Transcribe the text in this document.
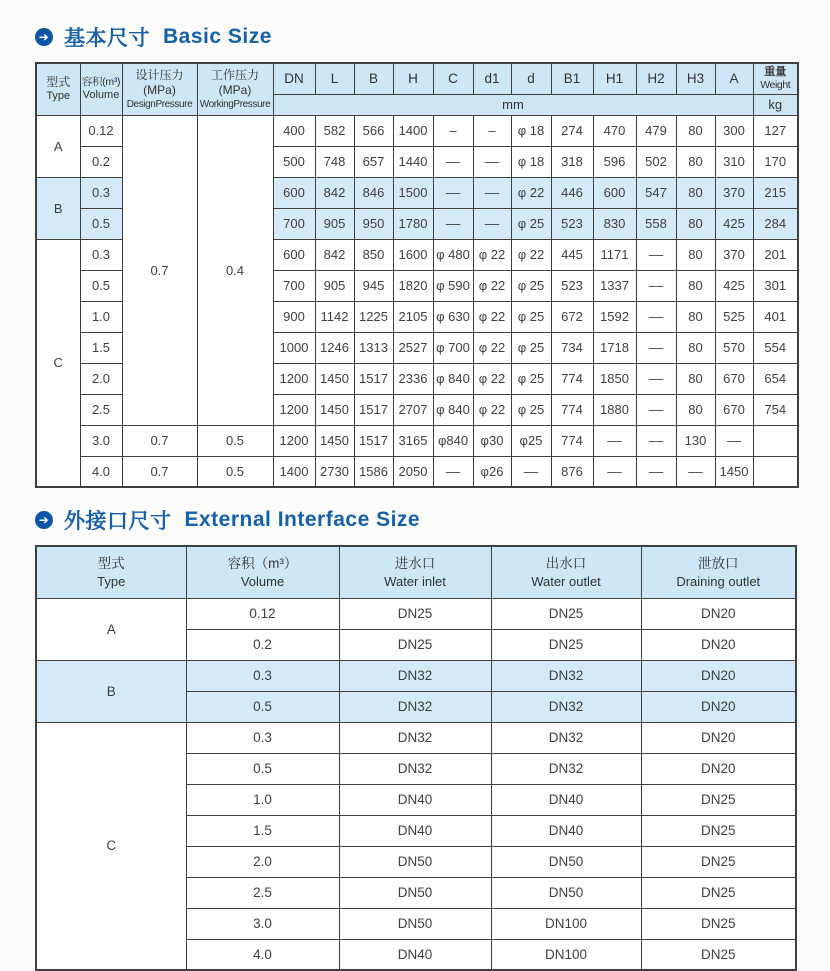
➜ 基本尺寸 Basic Size
型式
Type	容积(m³)
Volume	设计压力(MPa)
DesignPressure	工作压力(MPa)
WorkingPressure	DN	L	B	H	C	d1	d	B1	H1	H2	H3	A	重量
Weight

				mm												kg
A	0.12	0.7	0.4	400	582	566	1400	–	–	φ 18	274	470	479	80	300	127
	0.2			500	748	657	1440	––	––	φ 18	318	596	502	80	310	170
B	0.3			600	842	846	1500	––	––	φ 22	446	600	547	80	370	215
	0.5			700	905	950	1780	––	––	φ 25	523	830	558	80	425	284
C	0.3			600	842	850	1600	φ 480	φ 22	φ 22	445	1171	––	80	370	201
	0.5			700	905	945	1820	φ 590	φ 22	φ 25	523	1337	––	80	425	301
	1.0			900	1142	1225	2105	φ 630	φ 22	φ 25	672	1592	––	80	525	401
	1.5			1000	1246	1313	2527	φ 700	φ 22	φ 25	734	1718	––	80	570	554
	2.0			1200	1450	1517	2336	φ 840	φ 22	φ 25	774	1850	––	80	670	654
	2.5			1200	1450	1517	2707	φ 840	φ 22	φ 25	774	1880	––	80	670	754
	3.0	0.7	0.5	1200	1450	1517	3165	φ840	φ30	φ25	774	––	––	130	––	
	4.0	0.7	0.5	1400	2730	1586	2050	––	φ26	––	876	––	––	––	1450	
➜ 外接口尺寸 External Interface Size
型式
Type	容积（m³）
Volume	进水口
Water inlet	出水口
Water outlet	泄放口
Draining outlet

A	0.12	DN25	DN25	DN20
	0.2	DN25	DN25	DN20
B	0.3	DN32	DN32	DN20
	0.5	DN32	DN32	DN20
C	0.3	DN32	DN32	DN20
	0.5	DN32	DN32	DN20
	1.0	DN40	DN40	DN25
	1.5	DN40	DN40	DN25
	2.0	DN50	DN50	DN25
	2.5	DN50	DN50	DN25
	3.0	DN50	DN100	DN25
	4.0	DN40	DN100	DN25
